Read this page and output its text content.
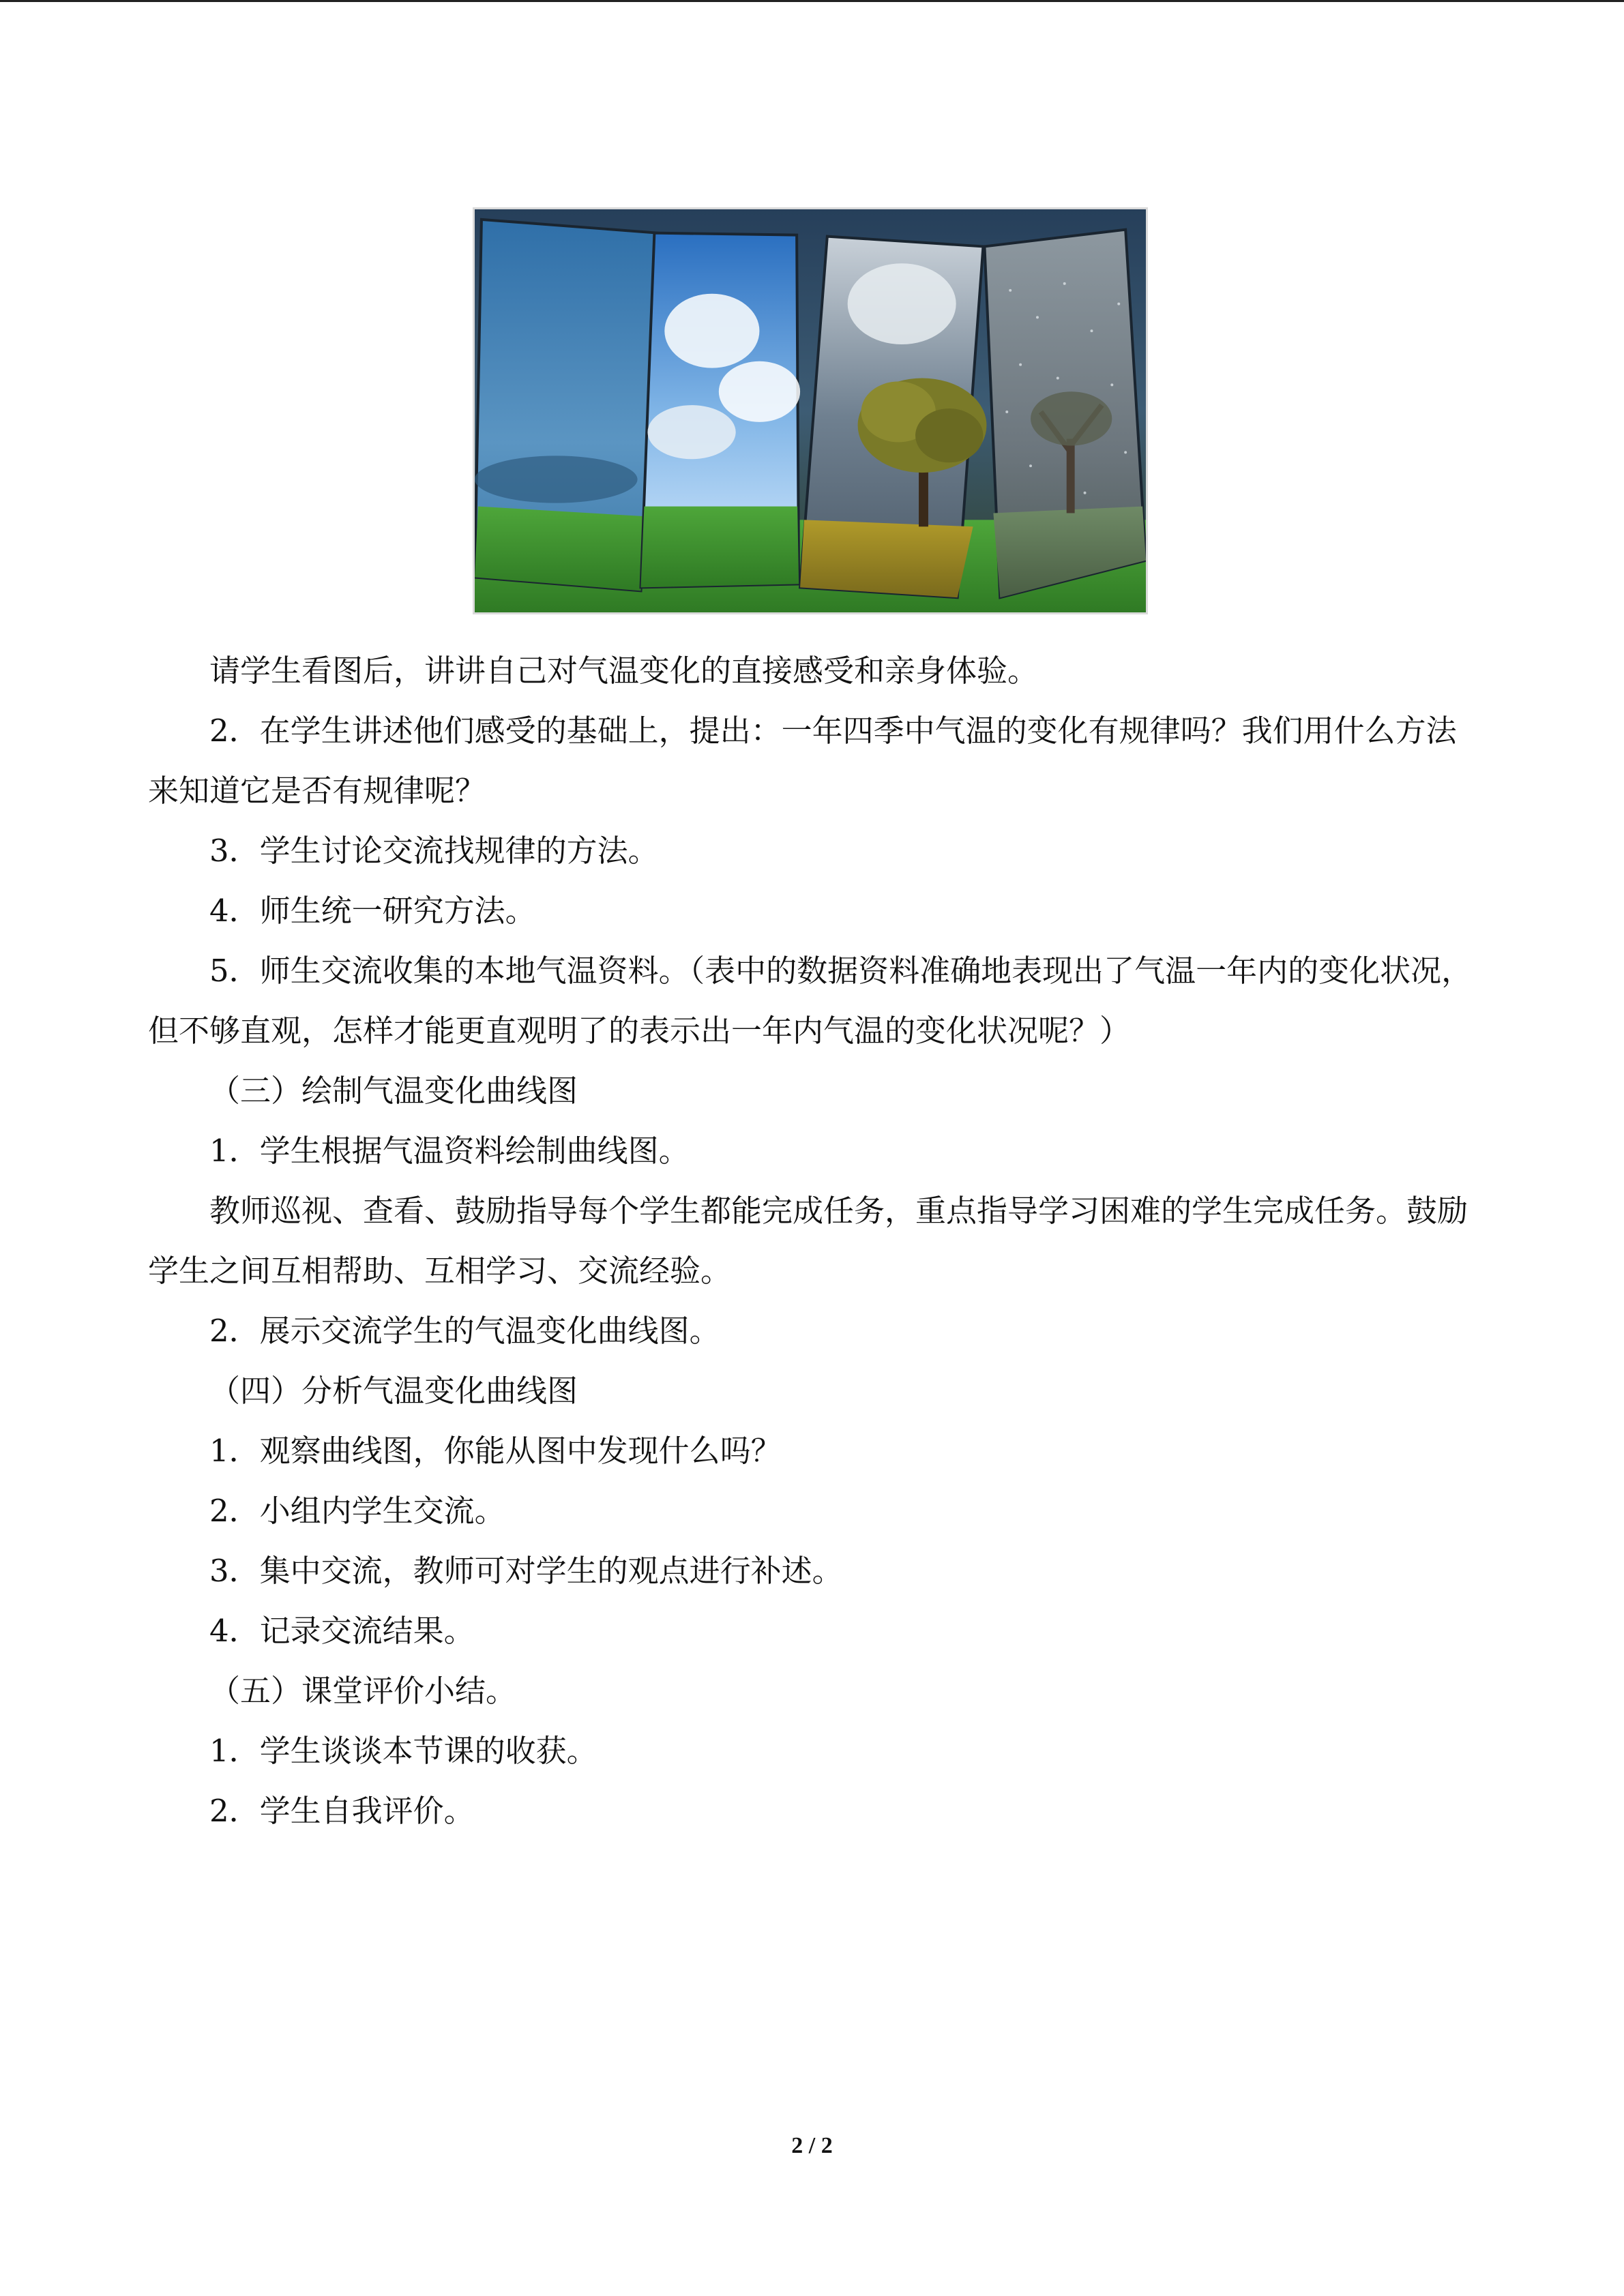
请学生看图后，讲讲自己对气温变化的直接感受和亲身体验。

2．在学生讲述他们感受的基础上，提出：一年四季中气温的变化有规律吗？我们用什么方法来知道它是否有规律呢？

3．学生讨论交流找规律的方法。

4．师生统一研究方法。

5．师生交流收集的本地气温资料。（表中的数据资料准确地表现出了气温一年内的变化状况，但不够直观，怎样才能更直观明了的表示出一年内气温的变化状况呢？）

（三）绘制气温变化曲线图

1．学生根据气温资料绘制曲线图。

教师巡视、查看、鼓励指导每个学生都能完成任务，重点指导学习困难的学生完成任务。鼓励学生之间互相帮助、互相学习、交流经验。

2．展示交流学生的气温变化曲线图。

（四）分析气温变化曲线图

1．观察曲线图，你能从图中发现什么吗？

2．小组内学生交流。

3．集中交流，教师可对学生的观点进行补述。

4．记录交流结果。

（五）课堂评价小结。

1．学生谈谈本节课的收获。

2．学生自我评价。

2 / 2
